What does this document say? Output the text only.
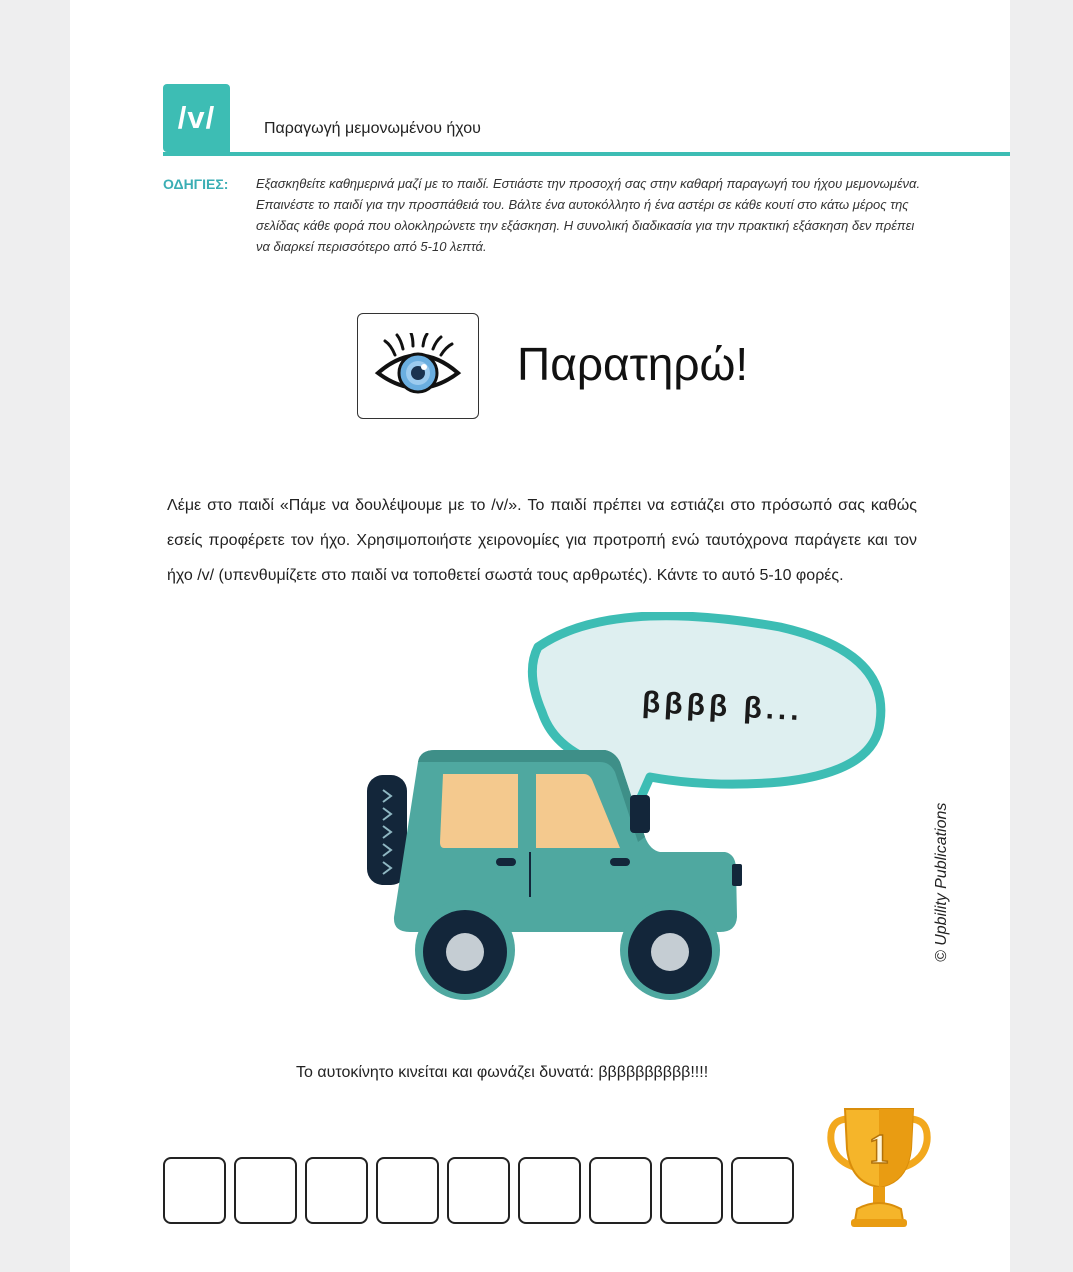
/v/	Παραγωγή μεμονωμένου ήχου
ΟΔΗΓΙΕΣ: Εξασκηθείτε καθημερινά μαζί με το παιδί. Εστιάστε την προσοχή σας στην καθαρή παραγωγή του ήχου μεμονωμένα. Επαινέστε το παιδί για την προσπάθειά του. Βάλτε ένα αυτοκόλλητο ή ένα αστέρι σε κάθε κουτί στο κάτω μέρος της σελίδας κάθε φορά που ολοκληρώνετε την εξάσκηση. Η συνολική διαδικασία για την πρακτική εξάσκηση δεν πρέπει να διαρκεί περισσότερο από 5-10 λεπτά.
Παρατηρώ!
Λέμε στο παιδί «Πάμε να δουλέψουμε με το /v/». Το παιδί πρέπει να εστιάζει στο πρόσωπό σας καθώς εσείς προφέρετε τον ήχο. Χρησιμοποιήστε χειρονομίες για προτροπή ενώ ταυτόχρονα παράγετε και τον ήχο /v/ (υπενθυμίζετε στο παιδί να τοποθετεί σωστά τους αρθρωτές). Κάντε το αυτό 5-10 φορές.
ββββ β...
© Upbility Publications
Το αυτοκίνητο κινείται και φωνάζει δυνατά: ββββββββββ!!!!
1
